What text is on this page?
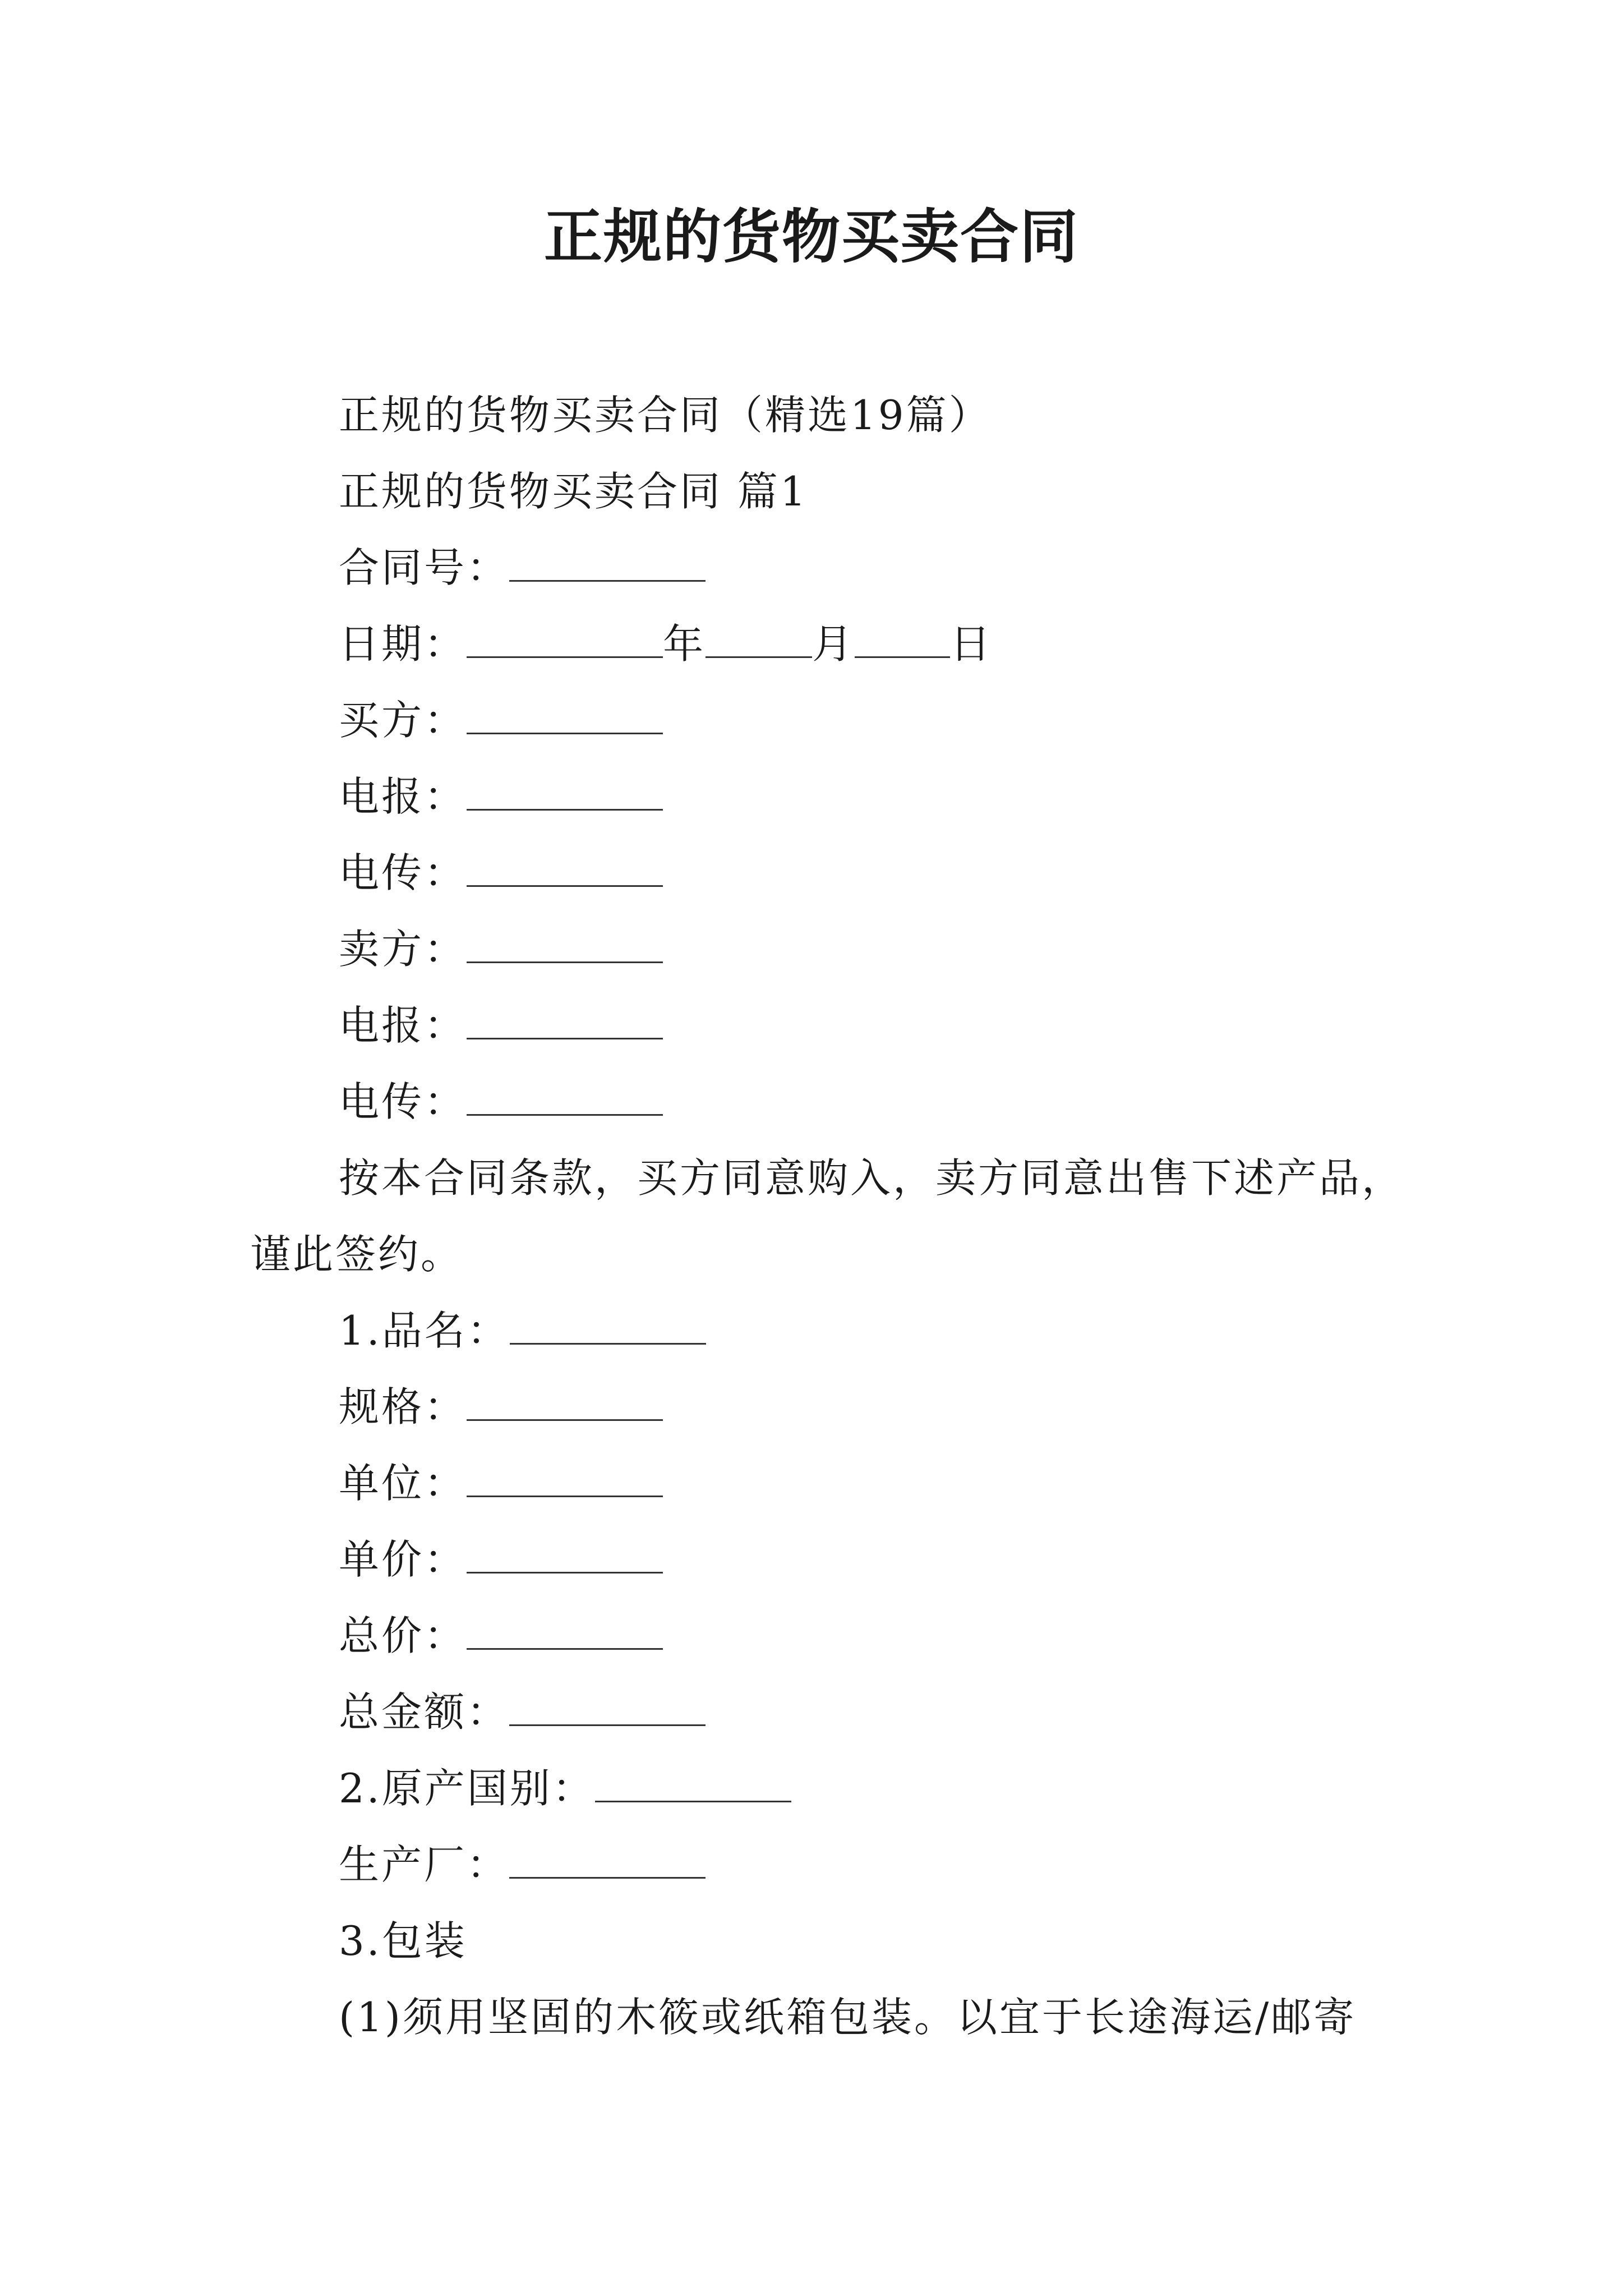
正规的货物买卖合同
正规的货物买卖合同（精选19篇）
正规的货物买卖合同 篇1
合同号：
日期：	年	月 日
买方：
电报：
电传：
卖方：
电报：
电传：
按本合同条款，买方同意购入，卖方同意出售下述产品，
谨此签约。
1.品名：
规格：
单位：
单价：
总价：
总金额：
2.原产国别：
生产厂：
3.包装
(1)须用坚固的木筱或纸箱包装。以宜于长途海运/邮寄
